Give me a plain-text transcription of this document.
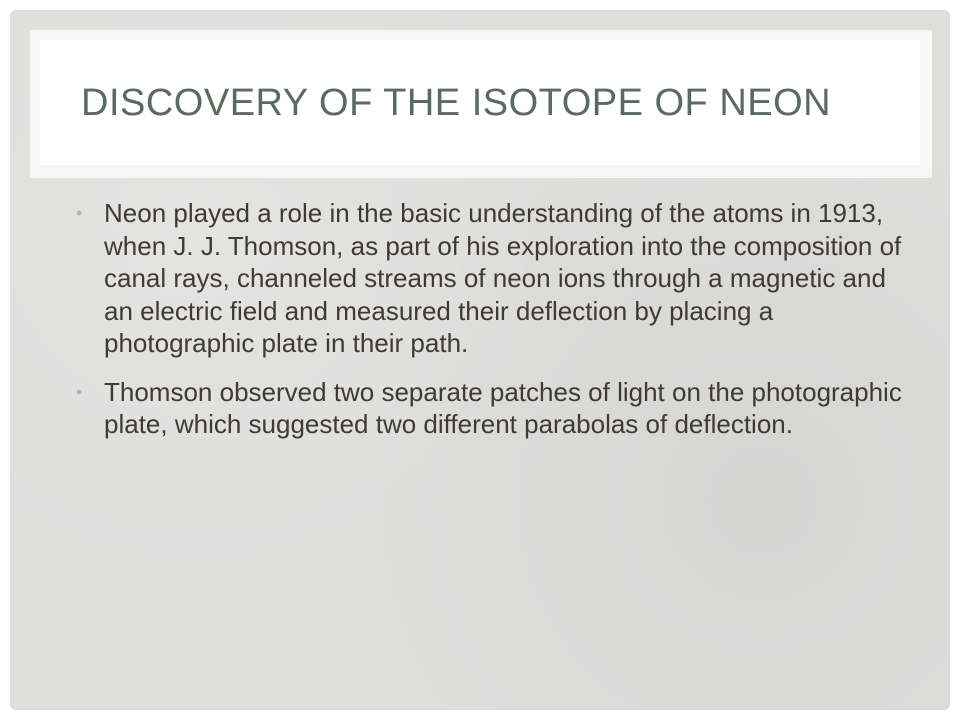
DISCOVERY OF THE ISOTOPE OF NEON
• Neon played a role in the basic understanding of the atoms in 1913, when J. J. Thomson, as part of his exploration into the composition of canal rays, channeled streams of neon ions through a magnetic and an electric field and measured their deflection by placing a photographic plate in their path.
• Thomson observed two separate patches of light on the photographic plate, which suggested two different parabolas of deflection.
